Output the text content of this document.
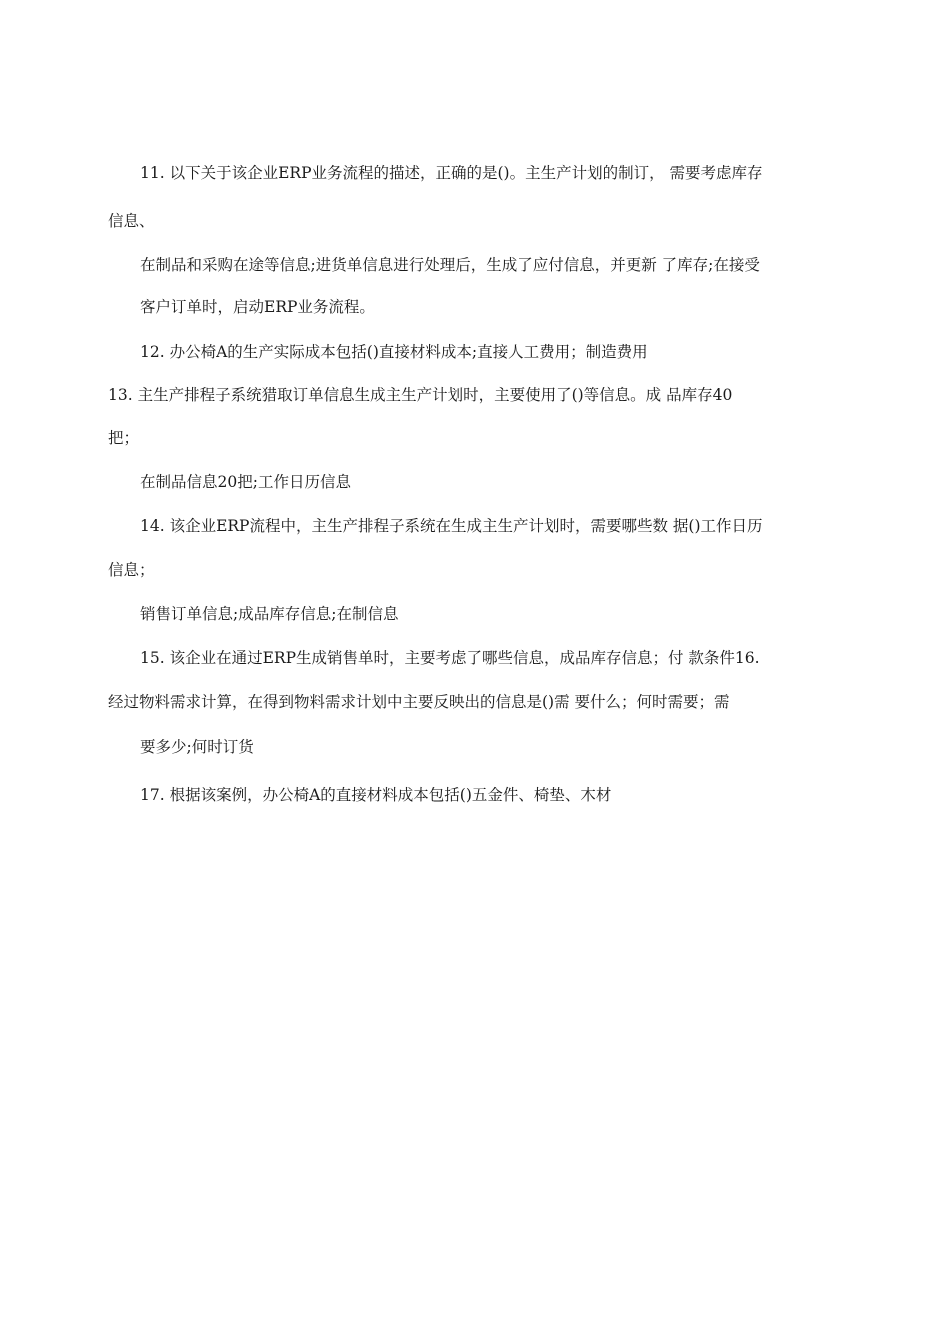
11. 以下关于该企业ERP业务流程的描述，正确的是()。主生产计划的制订， 需要考虑库存
信息、
在制品和采购在途等信息;进货单信息进行处理后，生成了应付信息，并更新 了库存;在接受
客户订单时，启动ERP业务流程。
12. 办公椅A的生产实际成本包括()直接材料成本;直接人工费用；制造费用
13. 主生产排程子系统猎取订单信息生成主生产计划时，主要使用了()等信息。成 品库存40
把；
在制品信息20把;工作日历信息
14. 该企业ERP流程中，主生产排程子系统在生成主生产计划时，需要哪些数 据()工作日历
信息；
销售订单信息;成品库存信息;在制信息
15. 该企业在通过ERP生成销售单时，主要考虑了哪些信息，成品库存信息；付 款条件16.
经过物料需求计算，在得到物料需求计划中主要反映出的信息是()需 要什么；何时需要；需
要多少;何时订货
17. 根据该案例，办公椅A的直接材料成本包括()五金件、椅垫、木材
